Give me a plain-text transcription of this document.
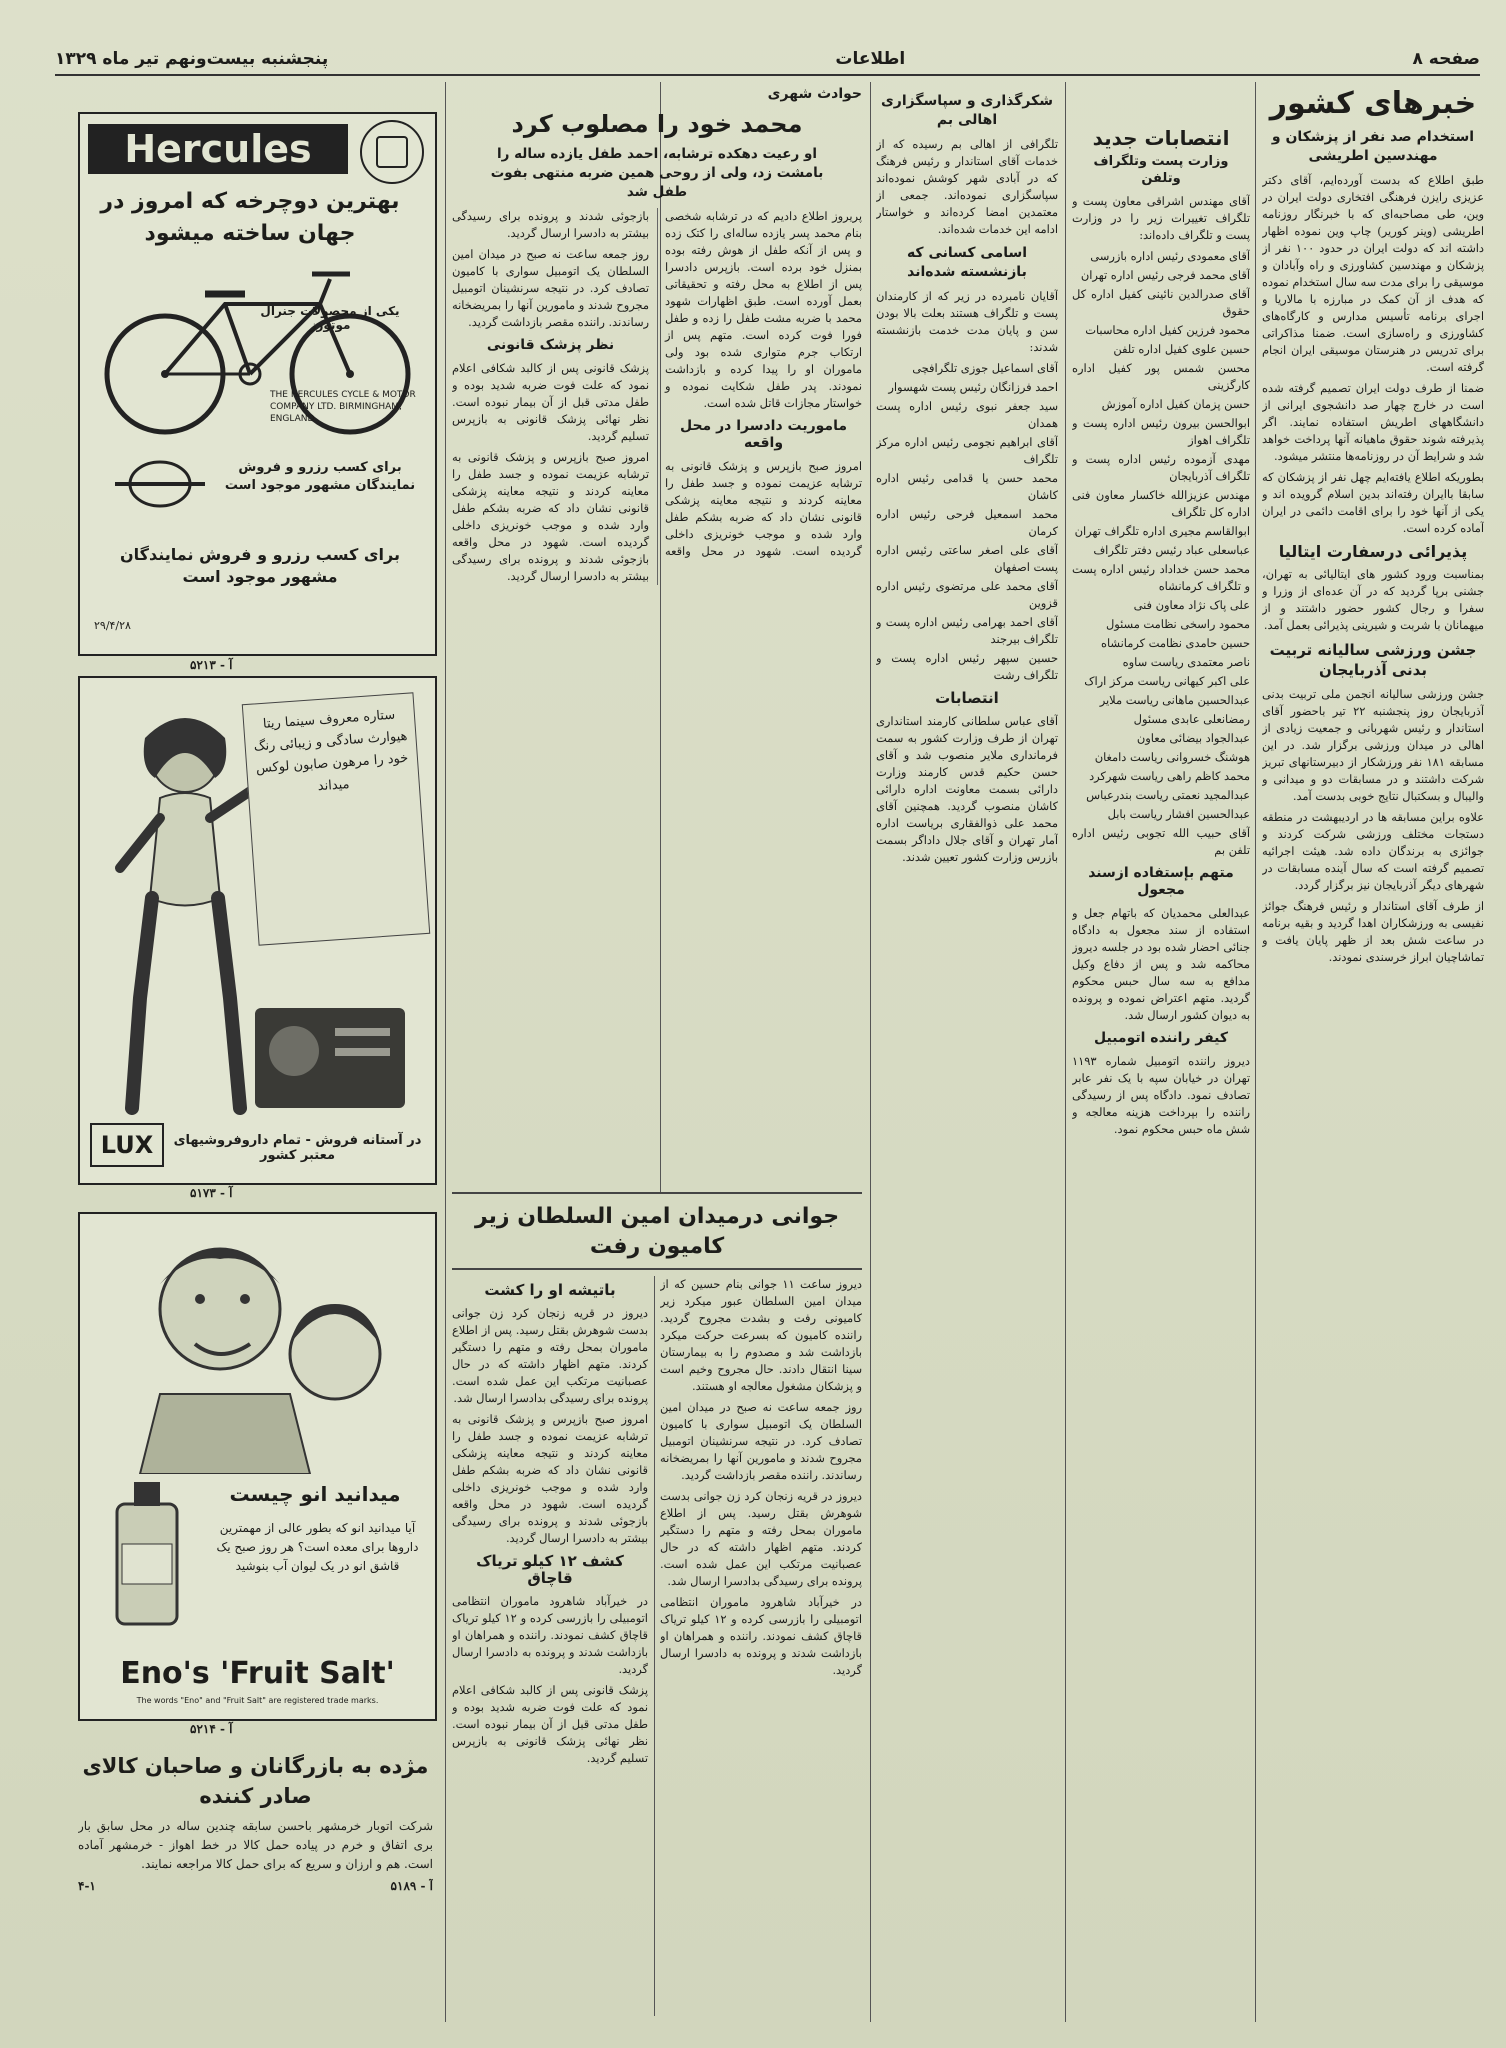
صفحه ۸
اطلاعات
پنجشنبه بیست‌و‌نهم تیر ماه ۱۳۲۹
خبرهای کشور
استخدام صد نفر از پزشکان و مهندسین اطریشی

طبق اطلاع که بدست آورده‌ایم، آقای دکتر عزیزی رایزن فرهنگی افتخاری دولت ایران در وین، طی مصاحبه‌ای که با خبرنگار روزنامه اطریشی (وینر کوریر) چاپ وین نموده اظهار داشته اند که دولت ایران در حدود ۱۰۰ نفر از پزشکان و مهندسین کشاورزی و راه وآبادان و موسیقی را برای مدت سه سال استخدام نموده که هدف از آن کمک در مبارزه با مالاریا و اجرای برنامه تأسیس مدارس و کارگاه‌های کشاورزی و راه‌سازی است. ضمنا مذاکراتی برای تدریس در هنرستان موسیقی ایران انجام گرفته است.

ضمنا از طرف دولت ایران تصمیم گرفته شده است در خارج چهار صد دانشجوی ایرانی از دانشگاههای اطریش استفاده نمایند. اگر پذیرفته شوند حقوق ماهیانه آنها پرداخت خواهد شد و شرایط آن در روزنامه‌ها منتشر میشود.

بطوریکه اطلاع یافته‌ایم چهل نفر از پزشکان که سابقا باایران رفته‌اند بدین اسلام گرویده اند و یکی از آنها خود را برای اقامت دائمی در ایران آماده کرده است.

پذیرائی درسفارت ایتالیا

بمناسبت ورود کشور های ایتالیائی به تهران، جشنی برپا گردید که در آن عده‌ای از وزرا و سفرا و رجال کشور حضور داشتند و از میهمانان با شربت و شیرینی پذیرائی بعمل آمد.

جشن ورزشی سالیانه تربیت بدنی آذربایجان

جشن ورزشی سالیانه انجمن ملی تربیت بدنی آذربایجان روز پنجشنبه ۲۲ تیر باحضور آقای استاندار و رئیس شهربانی و جمعیت زیادی از اهالی در میدان ورزشی برگزار شد. در این مسابقه ۱۸۱ نفر ورزشکار از دبیرستانهای تبریز شرکت داشتند و در مسابقات دو و میدانی و والیبال و بسکتبال نتایج خوبی بدست آمد.

علاوه براین مسابقه ها در اردیبهشت در منطقه دستجات مختلف ورزشی شرکت کردند و جوائزی به برندگان داده شد. هیئت اجرائیه تصمیم گرفته است که سال آینده مسابقات در شهرهای دیگر آذربایجان نیز برگزار گردد.

از طرف آقای استاندار و رئیس فرهنگ جوائز نفیسی به ورزشکاران اهدا گردید و بقیه برنامه در ساعت شش بعد از ظهر پایان یافت و تماشاچیان ابراز خرسندی نمودند.

انتصابات جدید
وزارت پست وتلگراف وتلفن

آقای مهندس اشراقی معاون پست و تلگراف تغییرات زیر را در وزارت پست و تلگراف داده‌اند:

آقای معمودی رئیس اداره بازرسی
آقای محمد فرجی رئیس اداره تهران
آقای صدرالدین نائینی کفیل اداره کل حقوق
محمود فرزین کفیل اداره محاسبات
حسین علوی کفیل اداره تلفن
محسن شمس پور کفیل اداره کارگزینی
حسن پزمان کفیل اداره آموزش
ابوالحسن بیرون رئیس اداره پست و تلگراف اهواز
مهدی آزموده رئیس اداره پست و تلگراف آذربایجان
مهندس عزیزالله خاکسار معاون فنی اداره کل تلگراف
ابوالقاسم مجیری اداره تلگراف تهران
عباسعلی عباد رئیس دفتر تلگراف
محمد حسن خداداد رئیس اداره پست و تلگراف کرمانشاه
علی پاک نژاد معاون فنی
محمود راسخی نظامت مسئول
حسین حامدی نظامت کرمانشاه
ناصر معتمدی ریاست ساوه
علی اکبر کیهانی ریاست مرکز اراک
عبدالحسین ماهانی ریاست ملایر
رمضانعلی عابدی مسئول
عبدالجواد بیضائی معاون
هوشنگ خسروانی ریاست دامغان
محمد کاظم راهی ریاست شهرکرد
عبدالمجید نعمتی ریاست بندرعباس
عبدالحسین افشار ریاست بابل
آقای حبیب الله تجوبی رئیس اداره تلفن بم
متهم بإستفاده ازسند مجعول

عبدالعلی محمدیان که باتهام جعل و استفاده از سند مجعول به دادگاه جنائی احضار شده بود در جلسه دیروز محاکمه شد و پس از دفاع وکیل مدافع به سه سال حبس محکوم گردید. متهم اعتراض نموده و پرونده به دیوان کشور ارسال شد.

کیفر راننده اتومبیل

دیروز راننده اتومبیل شماره ۱۱۹۳ تهران در خیابان سپه با یک نفر عابر تصادف نمود. دادگاه پس از رسیدگی راننده را بپرداخت هزینه معالجه و شش ماه حبس محکوم نمود.

شکرگذاری و سپاسگزاری اهالی بم

تلگرافی از اهالی بم رسیده که از خدمات آقای استاندار و رئیس فرهنگ که در آبادی شهر کوشش نموده‌اند سپاسگزاری نموده‌اند. جمعی از معتمدین امضا کرده‌اند و خواستار ادامه این خدمات شده‌اند.

اسامی کسانی که بازنشسته شده‌اند

آقایان نامبرده در زیر که از کارمندان پست و تلگراف هستند بعلت بالا بودن سن و پایان مدت خدمت بازنشسته شدند:

آقای اسماعیل جوزی تلگرافچی
احمد فرزانگان رئیس پست شهسوار
سید جعفر نبوی رئیس اداره پست همدان
آقای ابراهیم نجومی رئیس اداره مرکز تلگراف
محمد حسن یا قدامی رئیس اداره کاشان
محمد اسمعیل فرحی رئیس اداره کرمان
آقای علی اصغر ساعتی رئیس اداره پست اصفهان
آقای محمد علی مرتضوی رئیس اداره قزوین
آقای احمد بهرامی رئیس اداره پست و تلگراف بیرجند
حسین سپهر رئیس اداره پست و تلگراف رشت
انتصابات

آقای عباس سلطانی کارمند استانداری تهران از طرف وزارت کشور به سمت فرمانداری ملایر منصوب شد و آقای حسن حکیم قدس کارمند وزارت دارائی بسمت معاونت اداره دارائی کاشان منصوب گردید. همچنین آقای محمد علی ذوالفقاری بریاست اداره آمار تهران و آقای جلال داداگر بسمت بازرس وزارت کشور تعیین شدند.

حوادث شهری
محمد خود را مصلوب کرد
او رعیت دهکده ترشابه، احمد طفل یازده ساله را بامشت زد، ولی از روحی همین ضربه منتهی بفوت طفل شد

پریروز اطلاع دادیم که در ترشابه شخصی بنام محمد پسر یازده ساله‌ای را کتک زده و پس از آنکه طفل از هوش رفته بوده بمنزل خود برده است. بازپرس دادسرا پس از اطلاع به محل رفته و تحقیقاتی بعمل آورده است. طبق اظهارات شهود محمد با ضربه مشت طفل را زده و طفل فورا فوت کرده است. متهم پس از ارتکاب جرم متواری شده بود ولی ماموران او را پیدا کرده و بازداشت نمودند. پدر طفل شکایت نموده و خواستار مجازات قاتل شده است.

ماموریت دادسرا در محل واقعه

امروز صبح بازپرس و پزشک قانونی به ترشابه عزیمت نموده و جسد طفل را معاینه کردند و نتیجه معاینه پزشکی قانونی نشان داد که ضربه بشکم طفل وارد شده و موجب خونریزی داخلی گردیده است. شهود در محل واقعه بازجوئی شدند و پرونده برای رسیدگی بیشتر به دادسرا ارسال گردید.

روز جمعه ساعت نه صبح در میدان امین السلطان یک اتومبیل سواری با کامیون تصادف کرد. در نتیجه سرنشینان اتومبیل مجروح شدند و مامورین آنها را بمریضخانه رساندند. راننده مقصر بازداشت گردید.

نظر پزشک قانونی

پزشک قانونی پس از کالبد شکافی اعلام نمود که علت فوت ضربه شدید بوده و طفل مدتی قبل از آن بیمار نبوده است. نظر نهائی پزشک قانونی به بازپرس تسلیم گردید.

امروز صبح بازپرس و پزشک قانونی به ترشابه عزیمت نموده و جسد طفل را معاینه کردند و نتیجه معاینه پزشکی قانونی نشان داد که ضربه بشکم طفل وارد شده و موجب خونریزی داخلی گردیده است. شهود در محل واقعه بازجوئی شدند و پرونده برای رسیدگی بیشتر به دادسرا ارسال گردید.

جوانی درمیدان امین السلطان زیر کامیون رفت

دیروز ساعت ۱۱ جوانی بنام حسین که از میدان امین السلطان عبور میکرد زیر کامیونی رفت و بشدت مجروح گردید. راننده کامیون که بسرعت حرکت میکرد بازداشت شد و مصدوم را به بیمارستان سینا انتقال دادند. حال مجروح وخیم است و پزشکان مشغول معالجه او هستند.

روز جمعه ساعت نه صبح در میدان امین السلطان یک اتومبیل سواری با کامیون تصادف کرد. در نتیجه سرنشینان اتومبیل مجروح شدند و مامورین آنها را بمریضخانه رساندند. راننده مقصر بازداشت گردید.

دیروز در قریه زنجان کرد زن جوانی بدست شوهرش بقتل رسید. پس از اطلاع ماموران بمحل رفته و متهم را دستگیر کردند. متهم اظهار داشته که در حال عصبانیت مرتکب این عمل شده است. پرونده برای رسیدگی بدادسرا ارسال شد.

در خیرآباد شاهرود ماموران انتظامی اتومبیلی را بازرسی کرده و ۱۲ کیلو تریاک قاچاق کشف نمودند. راننده و همراهان او بازداشت شدند و پرونده به دادسرا ارسال گردید.

باتیشه او را کشت

دیروز در قریه زنجان کرد زن جوانی بدست شوهرش بقتل رسید. پس از اطلاع ماموران بمحل رفته و متهم را دستگیر کردند. متهم اظهار داشته که در حال عصبانیت مرتکب این عمل شده است. پرونده برای رسیدگی بدادسرا ارسال شد.

امروز صبح بازپرس و پزشک قانونی به ترشابه عزیمت نموده و جسد طفل را معاینه کردند و نتیجه معاینه پزشکی قانونی نشان داد که ضربه بشکم طفل وارد شده و موجب خونریزی داخلی گردیده است. شهود در محل واقعه بازجوئی شدند و پرونده برای رسیدگی بیشتر به دادسرا ارسال گردید.

کشف ۱۲ کیلو تریاک قاچاق

در خیرآباد شاهرود ماموران انتظامی اتومبیلی را بازرسی کرده و ۱۲ کیلو تریاک قاچاق کشف نمودند. راننده و همراهان او بازداشت شدند و پرونده به دادسرا ارسال گردید.

پزشک قانونی پس از کالبد شکافی اعلام نمود که علت فوت ضربه شدید بوده و طفل مدتی قبل از آن بیمار نبوده است. نظر نهائی پزشک قانونی به بازپرس تسلیم گردید.

Hercules
بهترین دوچرخه که امروز در جهان ساخته میشود
یکی از محصولات جنرال موتورز
THE HERCULES CYCLE & MOTOR COMPANY LTD. BIRMINGHAM, ENGLAND
برای کسب رزرو و فروش نمایندگان مشهور موجود است
برای کسب رزرو و فروش نمایندگان مشهور موجود است
۲۹/۴/۲۸
آ - ۵۲۱۳
ستاره معروف سینما ریتا هیوارث سادگی و زیبائی رنگ خود را مرهون صابون لوکس میداند
LUX	در آستانه فروش - تمام داروفروشیهای معتبر کشور
آ - ۵۱۷۳
میدانید انو چیست
آیا میدانید انو که بطور عالی از مهمترین داروها برای معده است؟ هر روز صبح یک قاشق انو در یک لیوان آب بنوشید
Eno's 'Fruit Salt'
The words "Eno" and "Fruit Salt" are registered trade marks.
آ - ۵۲۱۴
مژده به بازرگانان و صاحبان کالای صادر کننده

شرکت اتوبار خرمشهر باحسن سابقه چندین ساله در محل سابق بار بری اتفاق و خرم در پیاده حمل کالا در خط اهواز - خرمشهر آماده است. هم و ارزان و سریع که برای حمل کالا مراجعه نمایند.

۴-۱	آ - ۵۱۸۹
